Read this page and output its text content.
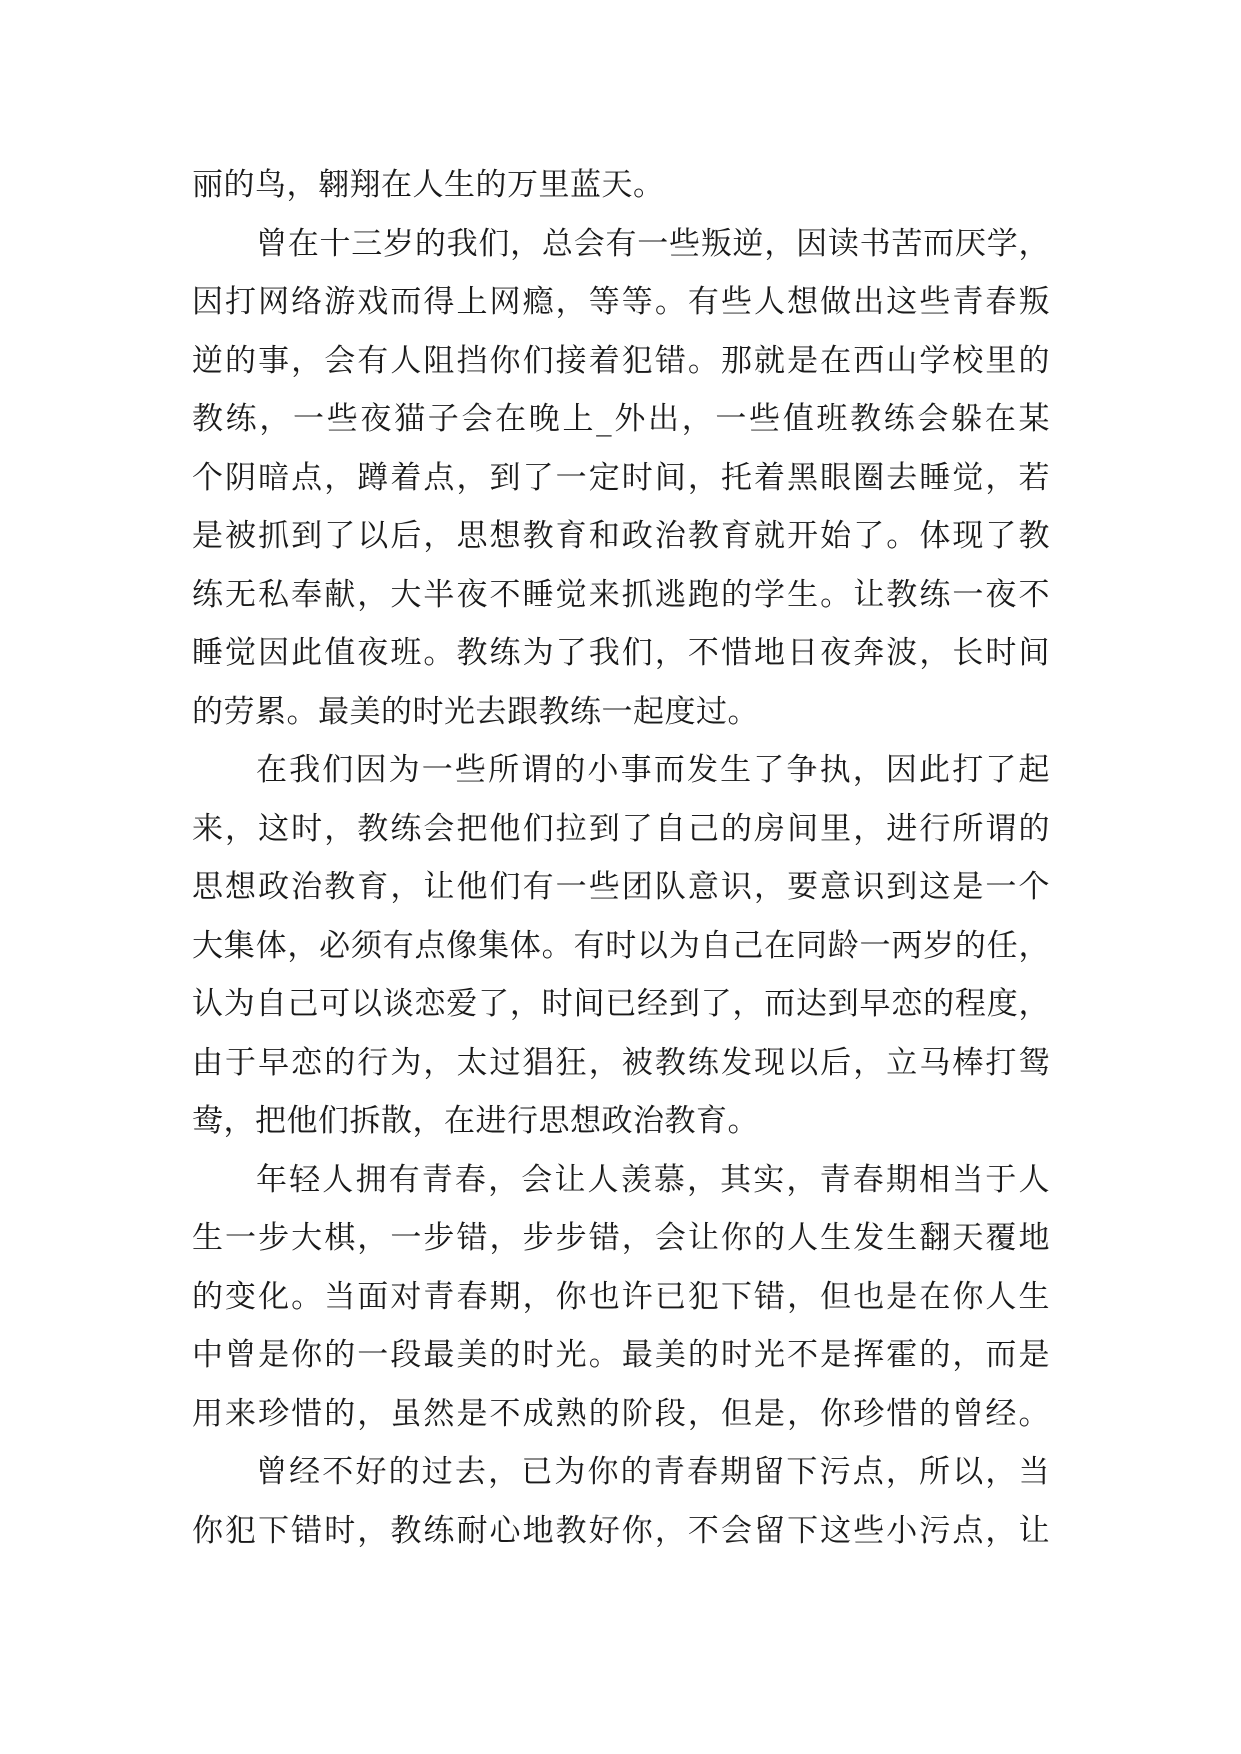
丽的鸟，翱翔在人生的万里蓝天。
曾在十三岁的我们，总会有一些叛逆，因读书苦而厌学，
因打网络游戏而得上网瘾，等等。有些人想做出这些青春叛
逆的事，会有人阻挡你们接着犯错。那就是在西山学校里的
教练，一些夜猫子会在晚上_外出，一些值班教练会躲在某
个阴暗点，蹲着点，到了一定时间，托着黑眼圈去睡觉，若
是被抓到了以后，思想教育和政治教育就开始了。体现了教
练无私奉献，大半夜不睡觉来抓逃跑的学生。让教练一夜不
睡觉因此值夜班。教练为了我们，不惜地日夜奔波，长时间
的劳累。最美的时光去跟教练一起度过。
在我们因为一些所谓的小事而发生了争执，因此打了起
来，这时，教练会把他们拉到了自己的房间里，进行所谓的
思想政治教育，让他们有一些团队意识，要意识到这是一个
大集体，必须有点像集体。有时以为自己在同龄一两岁的任，
认为自己可以谈恋爱了，时间已经到了，而达到早恋的程度，
由于早恋的行为，太过猖狂，被教练发现以后，立马棒打鸳
鸯，把他们拆散，在进行思想政治教育。
年轻人拥有青春，会让人羡慕，其实，青春期相当于人
生一步大棋，一步错，步步错，会让你的人生发生翻天覆地
的变化。当面对青春期，你也许已犯下错，但也是在你人生
中曾是你的一段最美的时光。最美的时光不是挥霍的，而是
用来珍惜的，虽然是不成熟的阶段，但是，你珍惜的曾经。
曾经不好的过去，已为你的青春期留下污点，所以，当
你犯下错时，教练耐心地教好你，不会留下这些小污点，让
